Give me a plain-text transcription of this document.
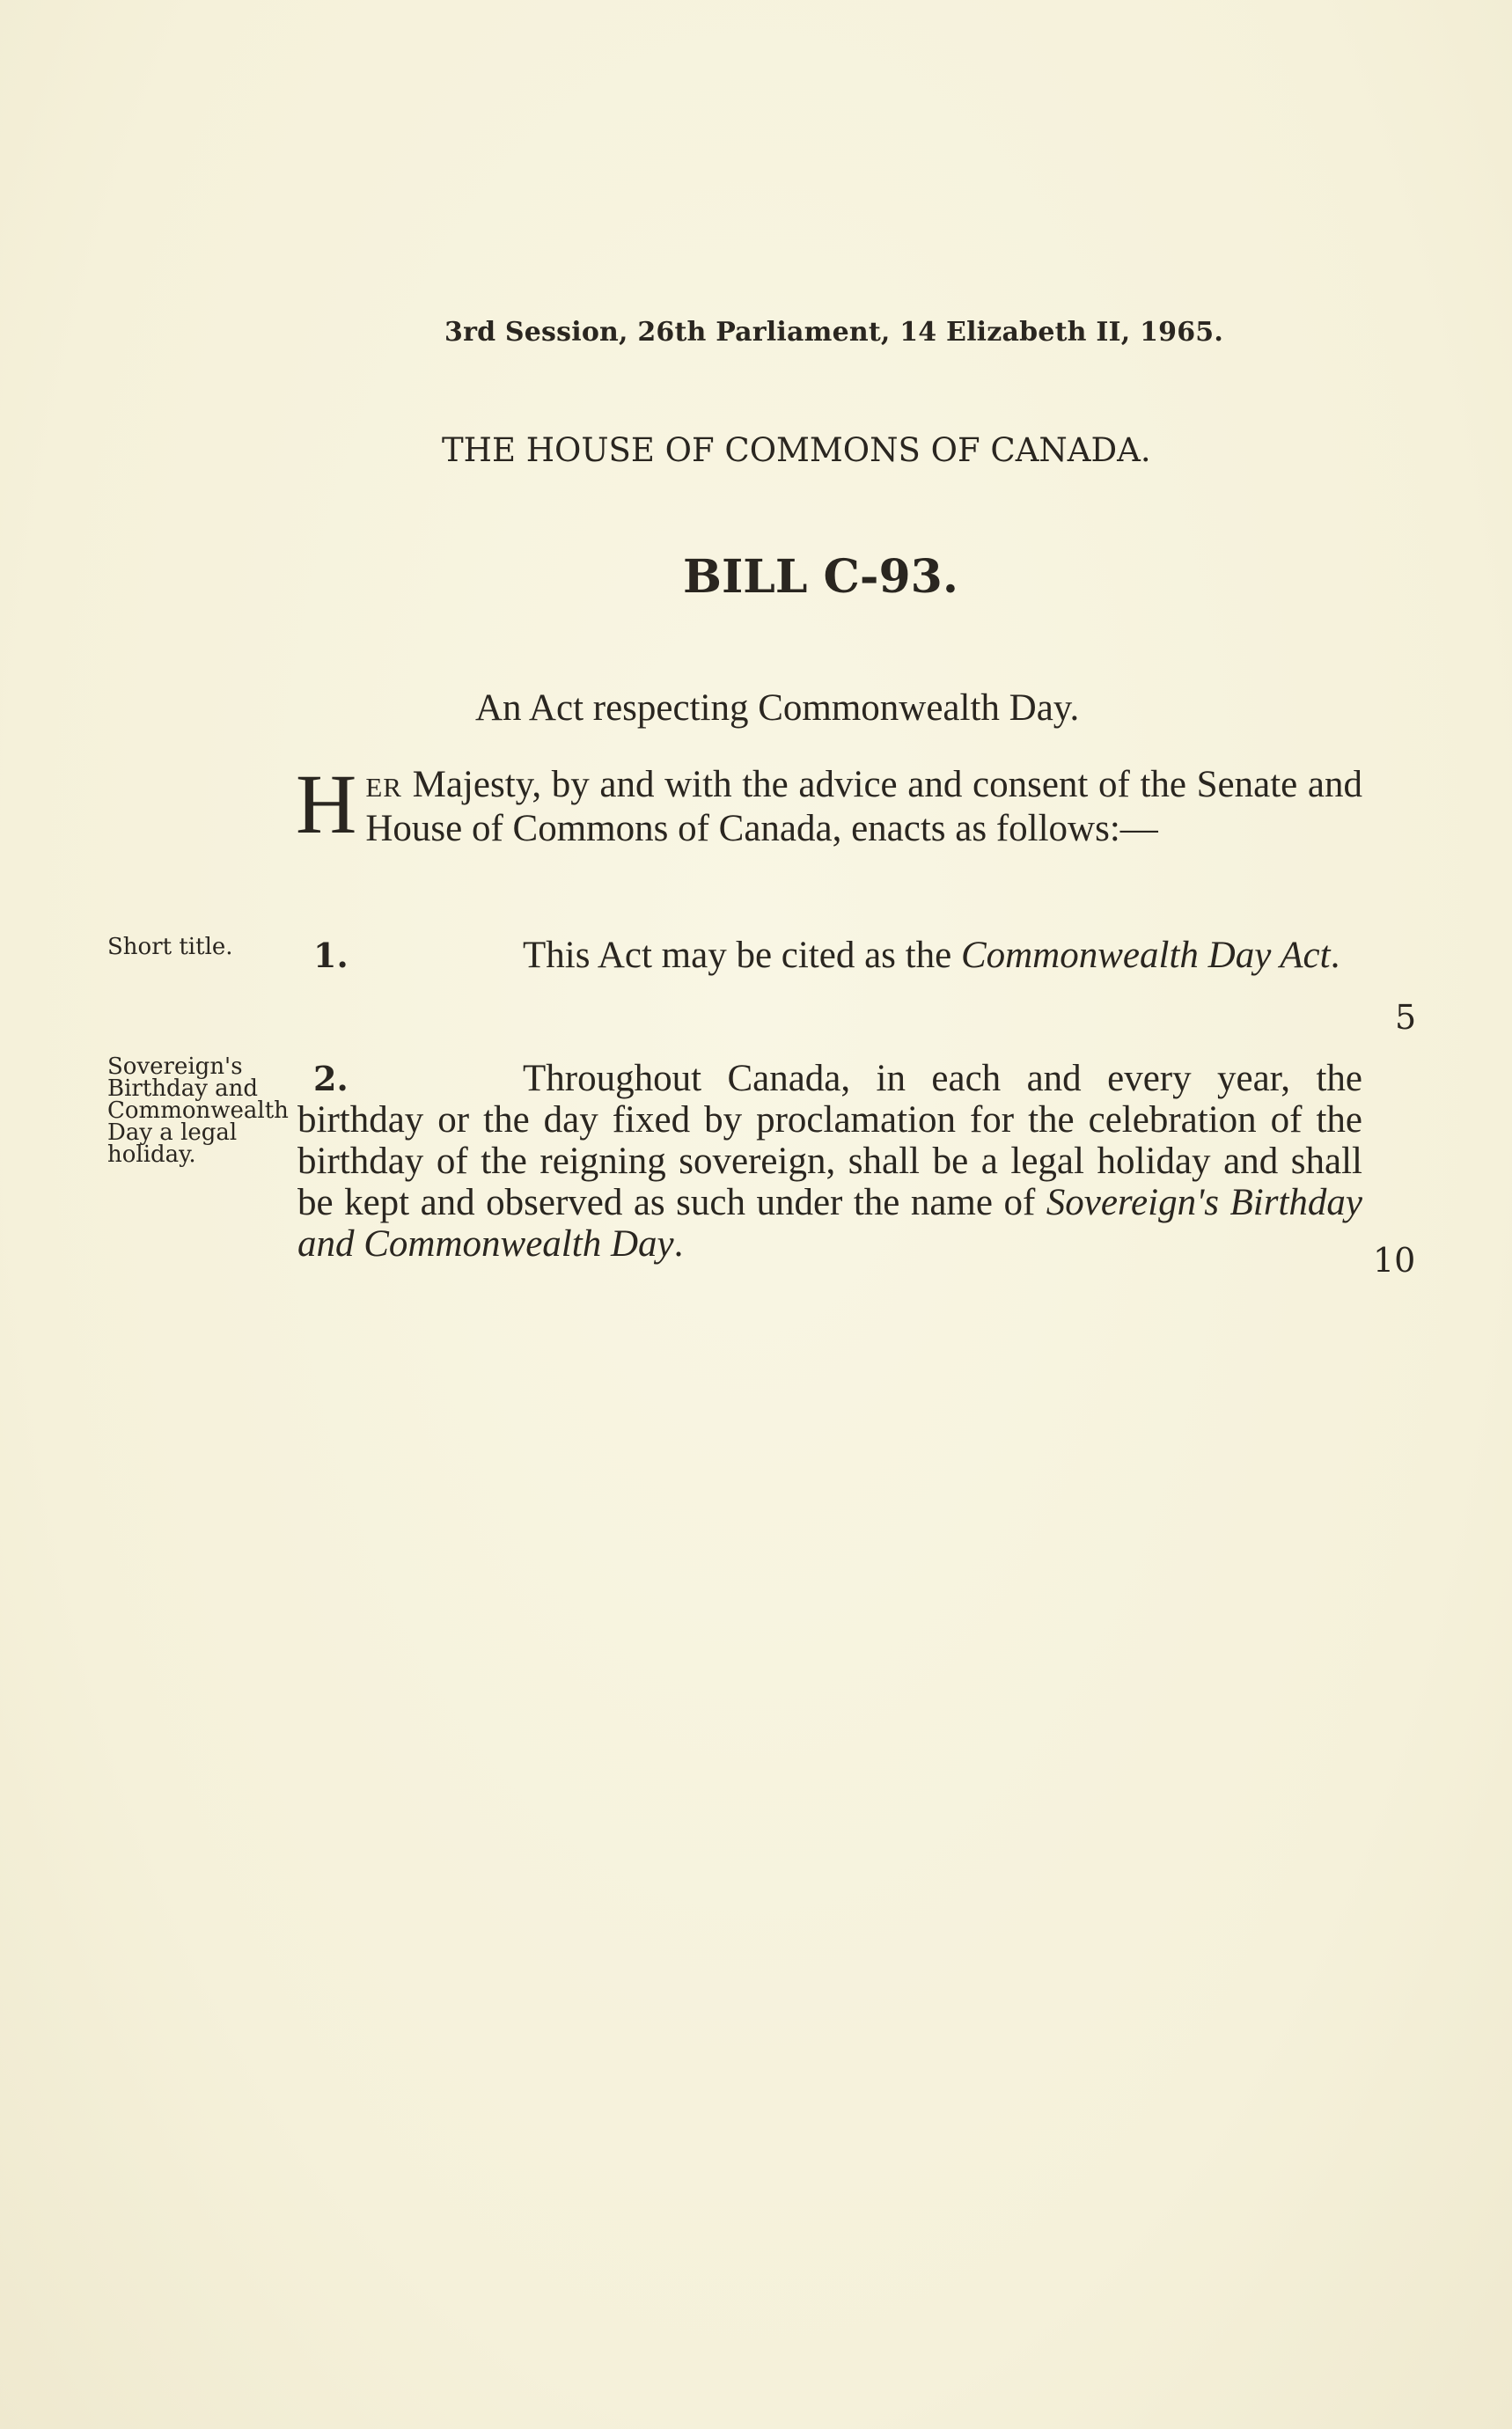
3rd Session, 26th Parliament, 14 Elizabeth II, 1965.
THE HOUSE OF COMMONS OF CANADA.
BILL C-93.
An Act respecting Commonwealth Day.
HER Majesty, by and with the advice and consent of the Senate and House of Commons of Canada, enacts as follows:—
Short title.	1.	This Act may be cited as the Commonwealth Day Act.
5
Sovereign's Birthday and Commonwealth Day a legal holiday.
2.	Throughout Canada, in each and every year, the birthday or the day fixed by proclamation for the celebration of the birthday of the reigning sovereign, shall be a legal holiday and shall be kept and observed as such under the name of Sovereign's Birthday and Commonwealth Day.	10
